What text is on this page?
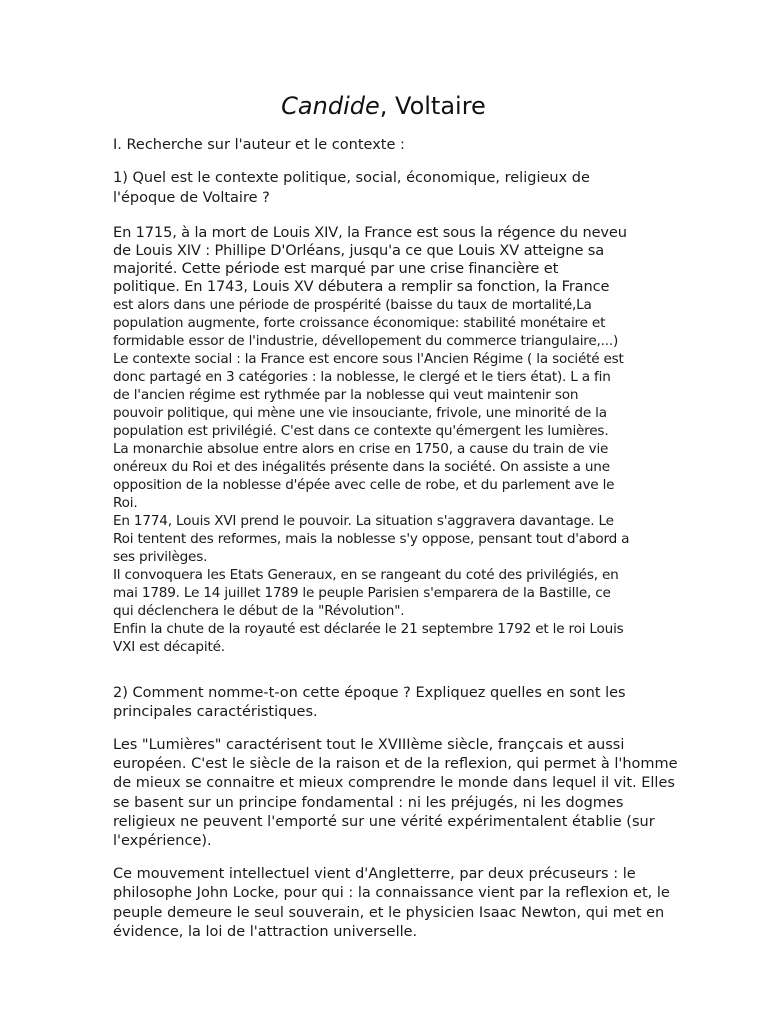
Candide, Voltaire

I. Recherche sur l'auteur et le contexte :

1) Quel est le contexte politique, social, économique, religieux de
l'époque de Voltaire ?

En 1715, à la mort de Louis XIV, la France est sous la régence du neveu
de Louis XIV : Phillipe D'Orléans, jusqu'a ce que Louis XV atteigne sa
majorité. Cette période est marqué par une crise financière et
politique. En 1743, Louis XV débutera a remplir sa fonction, la France
est alors dans une période de prospérité (baisse du taux de mortalité,La
population augmente, forte croissance économique: stabilité monétaire et
formidable essor de l'industrie, dévellopement du commerce triangulaire,...)
Le contexte social : la France est encore sous l'Ancien Régime ( la société est
donc partagé en 3 catégories : la noblesse, le clergé et le tiers état). L a fin
de l'ancien régime est rythmée par la noblesse qui veut maintenir son
pouvoir politique, qui mène une vie insouciante, frivole, une minorité de la
population est privilégié. C'est dans ce contexte qu'émergent les lumières.
La monarchie absolue entre alors en crise en 1750, a cause du train de vie
onéreux du Roi et des inégalités présente dans la société. On assiste a une
opposition de la noblesse d'épée avec celle de robe, et du parlement ave le
Roi.
En 1774, Louis XVI prend le pouvoir. La situation s'aggravera davantage. Le
Roi tentent des reformes, mais la noblesse s'y oppose, pensant tout d'abord a
ses privilèges.
Il convoquera les Etats Generaux, en se rangeant du coté des privilégiés, en
mai 1789. Le 14 juillet 1789 le peuple Parisien s'emparera de la Bastille, ce
qui déclenchera le début de la "Révolution".
Enfin la chute de la royauté est déclarée le 21 septembre 1792 et le roi Louis
VXI est décapité.

2) Comment nomme-t-on cette époque ? Expliquez quelles en sont les
principales caractéristiques.

Les "Lumières" caractérisent tout le XVIIIème siècle, françcais et aussi
européen. C'est le siècle de la raison et de la reflexion, qui permet à l'homme
de mieux se connaitre et mieux comprendre le monde dans lequel il vit. Elles
se basent sur un principe fondamental : ni les préjugés, ni les dogmes
religieux ne peuvent l'emporté sur une vérité expérimentalent établie (sur
l'expérience).

Ce mouvement intellectuel vient d'Angletterre, par deux précuseurs : le
philosophe John Locke, pour qui : la connaissance vient par la reflexion et, le
peuple demeure le seul souverain, et le physicien Isaac Newton, qui met en
évidence, la loi de l'attraction universelle.
